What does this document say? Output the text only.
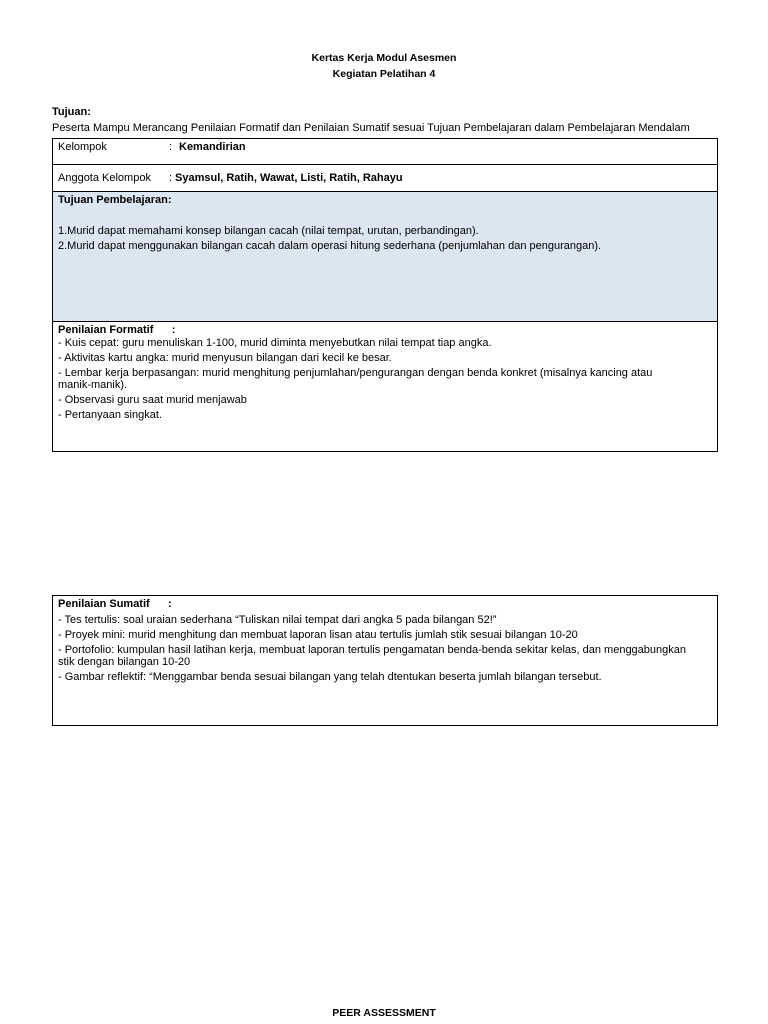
Kertas Kerja Modul Asesmen
Kegiatan Pelatihan 4
Tujuan:
Peserta Mampu Merancang Penilaian Formatif dan Penilaian Sumatif sesuai Tujuan Pembelajaran dalam Pembelajaran Mendalam
Kelompok	: Kemandirian
Anggota Kelompok : Syamsul, Ratih, Wawat, Listi, Ratih, Rahayu
Tujuan Pembelajaran:
1.Murid dapat memahami konsep bilangan cacah (nilai tempat, urutan, perbandingan).
2.Murid dapat menggunakan bilangan cacah dalam operasi hitung sederhana (penjumlahan dan pengurangan).
Penilaian Formatif :
- Kuis cepat: guru menuliskan 1-100, murid diminta menyebutkan nilai tempat tiap angka.
- Aktivitas kartu angka: murid menyusun bilangan dari kecil ke besar.
- Lembar kerja berpasangan: murid menghitung penjumlahan/pengurangan dengan benda konkret (misalnya kancing atau manik-manik).
- Observasi guru saat murid menjawab
- Pertanyaan singkat.
Penilaian Sumatif :
- Tes tertulis: soal uraian sederhana “Tuliskan nilai tempat dari angka 5 pada bilangan 52!”
- Proyek mini: murid menghitung dan membuat laporan lisan atau tertulis jumlah stik sesuai bilangan 10-20
- Portofolio: kumpulan hasil latihan kerja, membuat laporan tertulis pengamatan benda-benda sekitar kelas, dan menggabungkan stik dengan bilangan 10-20
- Gambar reflektif: “Menggambar benda sesuai bilangan yang telah dtentukan beserta jumlah bilangan tersebut.
PEER ASSESSMENT
